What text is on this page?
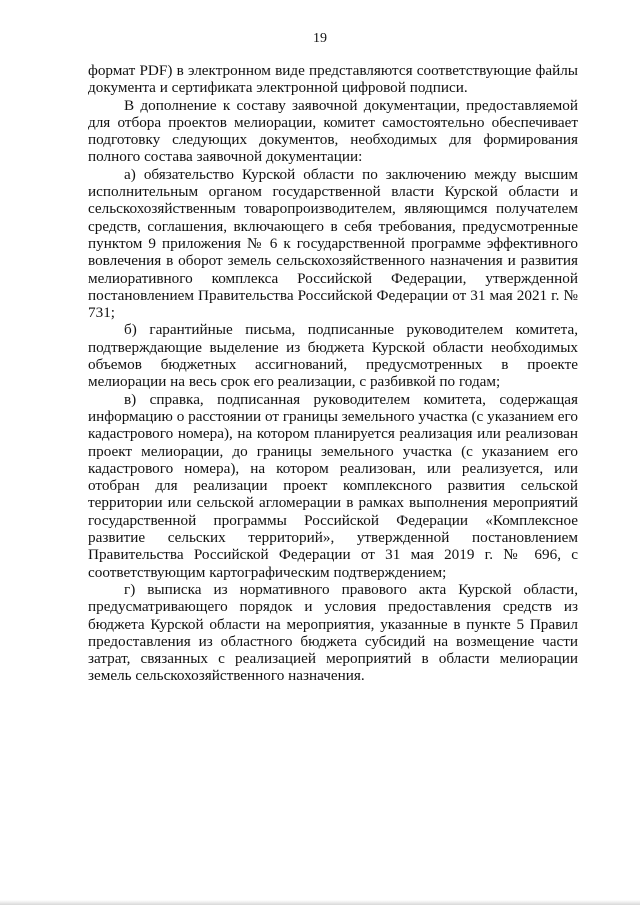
19

формат PDF) в электронном виде представляются соответствующие файлы документа и сертификата электронной цифровой подписи.

В дополнение к составу заявочной документации, предоставляемой для отбора проектов мелиорации, комитет самостоятельно обеспечивает подготовку следующих документов, необходимых для формирования полного состава заявочной документации:

а) обязательство Курской области по заключению между высшим исполнительным органом государственной власти Курской области и сельскохозяйственным товаропроизводителем, являющимся получателем средств, соглашения, включающего в себя требования, предусмотренные пунктом 9 приложения № 6 к государственной программе эффективного вовлечения в оборот земель сельскохозяйственного назначения и развития мелиоративного комплекса Российской Федерации, утвержденной постановлением Правительства Российской Федерации от 31 мая 2021 г. № 731;

б) гарантийные письма, подписанные руководителем комитета, подтверждающие выделение из бюджета Курской области необходимых объемов бюджетных ассигнований, предусмотренных в проекте мелиорации на весь срок его реализации, с разбивкой по годам;

в) справка, подписанная руководителем комитета, содержащая информацию о расстоянии от границы земельного участка (с указанием его кадастрового номера), на котором планируется реализация или реализован проект мелиорации, до границы земельного участка (с указанием его кадастрового номера), на котором реализован, или реализуется, или отобран для реализации проект комплексного развития сельской территории или сельской агломерации в рамках выполнения мероприятий государственной программы Российской Федерации «Комплексное развитие сельских территорий», утвержденной постановлением Правительства Российской Федерации от 31 мая 2019 г. № 696, с соответствующим картографическим подтверждением;

г) выписка из нормативного правового акта Курской области, предусматривающего порядок и условия предоставления средств из бюджета Курской области на мероприятия, указанные в пункте 5 Правил предоставления из областного бюджета субсидий на возмещение части затрат, связанных с реализацией мероприятий в области мелиорации земель сельскохозяйственного назначения.
